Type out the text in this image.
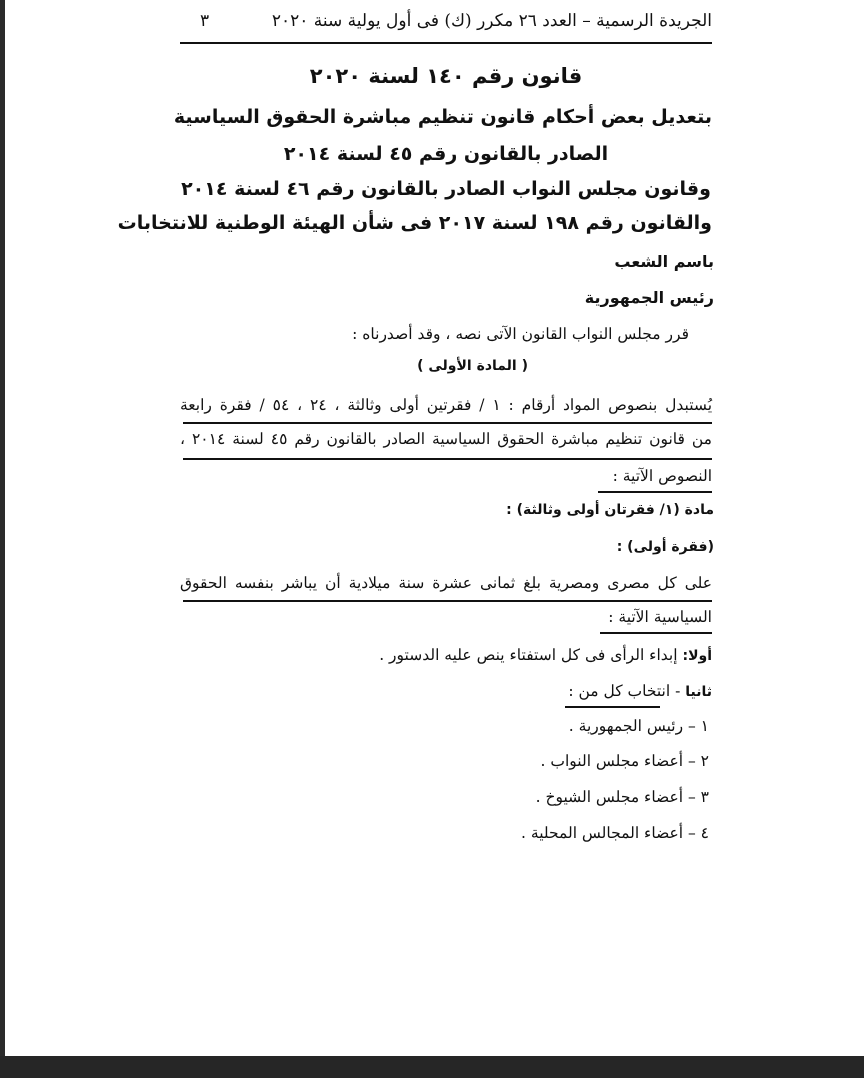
الجريدة الرسمية – العدد ٢٦ مكرر (ك) فى أول يولية سنة ٢٠٢٠
٣
قانون رقم ١٤٠ لسنة ٢٠٢٠
بتعديل بعض أحكام قانون تنظيم مباشرة الحقوق السياسية
الصادر بالقانون رقم ٤٥ لسنة ٢٠١٤
وقانون مجلس النواب الصادر بالقانون رقم ٤٦ لسنة ٢٠١٤
والقانون رقم ١٩٨ لسنة ٢٠١٧ فى شأن الهيئة الوطنية للانتخابات
باسم الشعب
رئيس الجمهورية
قرر مجلس النواب القانون الآتى نصه ، وقد أصدرناه :
( المادة الأولى )
يُستبدل بنصوص المواد أرقام : ١ / فقرتين أولى وثالثة ، ٢٤ ، ٥٤ / فقرة رابعة
من قانون تنظيم مباشرة الحقوق السياسية الصادر بالقانون رقم ٤٥ لسنة ٢٠١٤ ،
النصوص الآتية :
مادة (١/ فقرتان أولى وثالثة) :
(فقرة أولى) :
على كل مصرى ومصرية بلغ ثمانى عشرة سنة ميلادية أن يباشر بنفسه الحقوق
السياسية الآتية :
أولا: إبداء الرأى فى كل استفتاء ينص عليه الدستور .
ثانيا - انتخاب كل من :
١ – رئيس الجمهورية .
٢ – أعضاء مجلس النواب .
٣ – أعضاء مجلس الشيوخ .
٤ – أعضاء المجالس المحلية .
